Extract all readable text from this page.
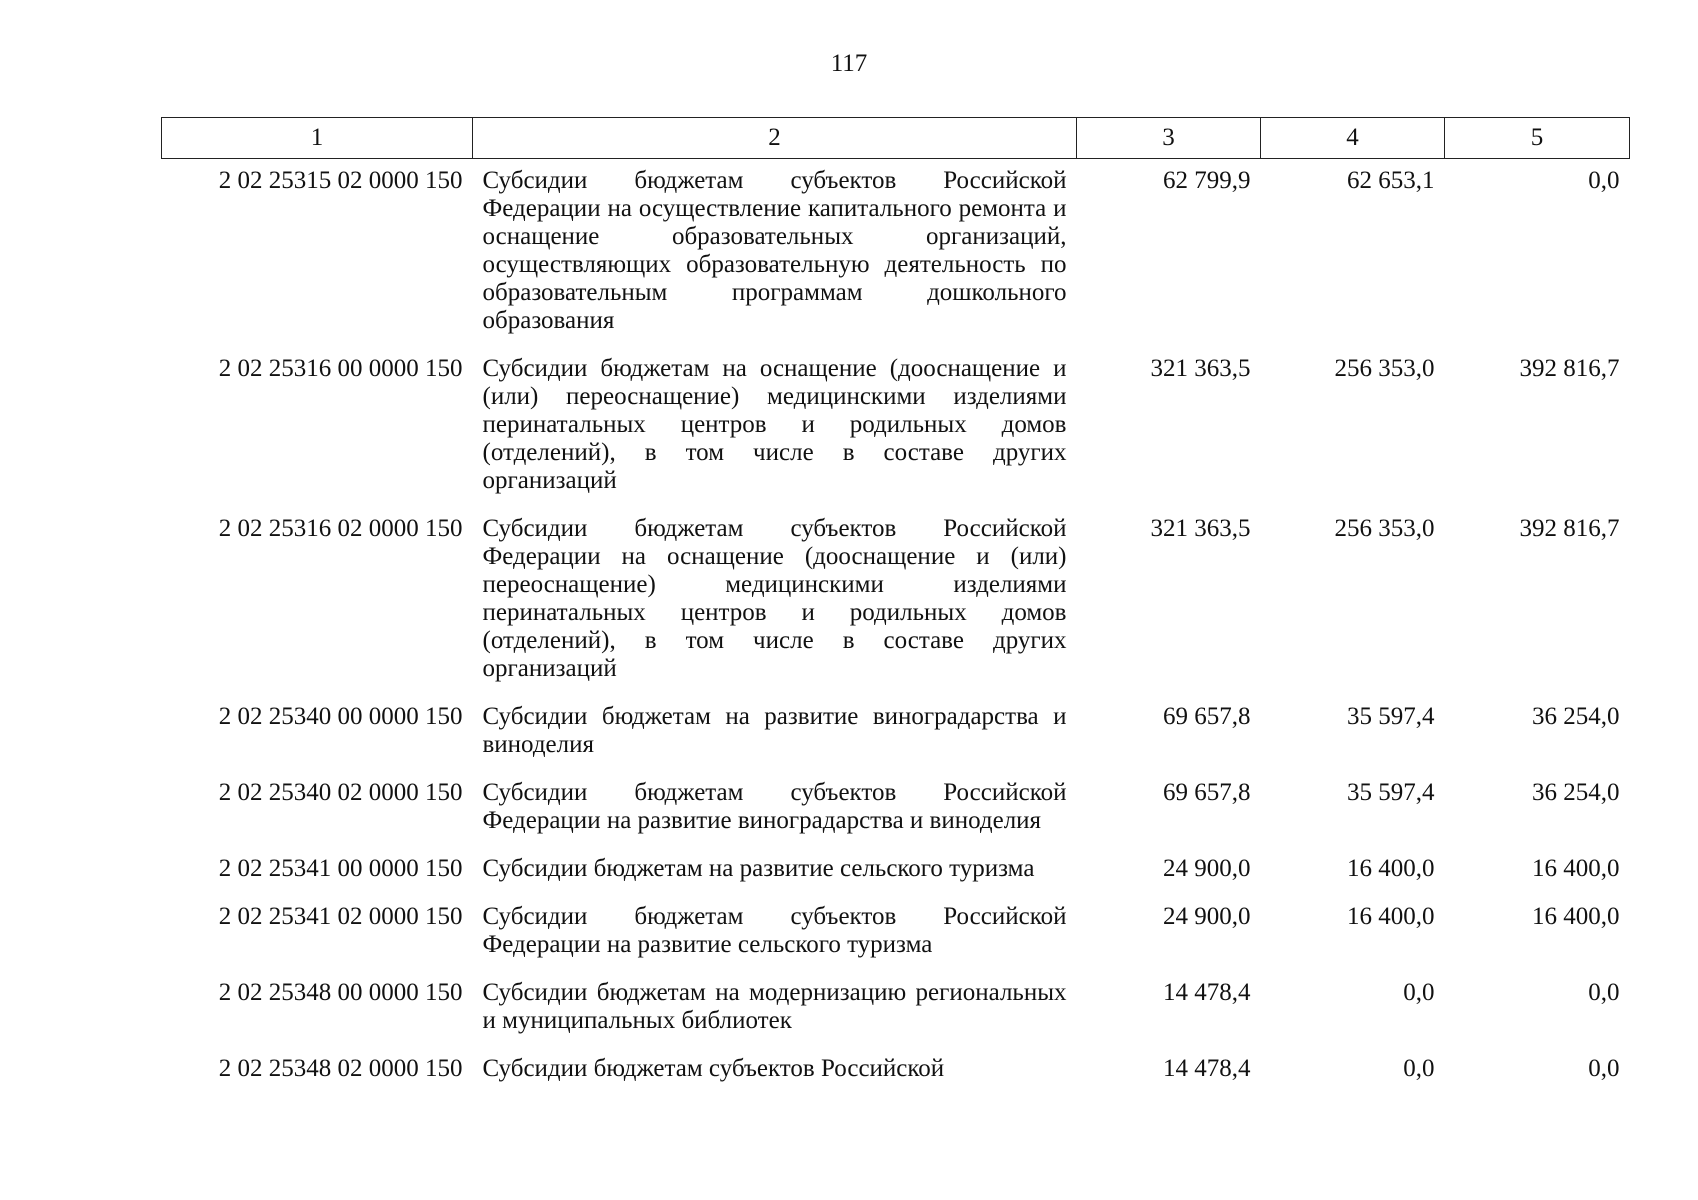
117
1	2	3	4	5
2 02 25315 02 0000 150	Субсидии бюджетам субъектов Российской Федерации на осуществление капитального ремонта и оснащение образовательных организаций, осуществляющих образовательную деятельность по образовательным программам дошкольного образования	62 799,9	62 653,1	0,0
2 02 25316 00 0000 150	Субсидии бюджетам на оснащение (дооснащение и (или) переоснащение) медицинскими изделиями перинатальных центров и родильных домов (отделений), в том числе в составе других организаций	321 363,5	256 353,0	392 816,7
2 02 25316 02 0000 150	Субсидии бюджетам субъектов Российской Федерации на оснащение (дооснащение и (или) переоснащение) медицинскими изделиями перинатальных центров и родильных домов (отделений), в том числе в составе других организаций	321 363,5	256 353,0	392 816,7
2 02 25340 00 0000 150	Субсидии бюджетам на развитие виноградарства и виноделия	69 657,8	35 597,4	36 254,0
2 02 25340 02 0000 150	Субсидии бюджетам субъектов Российской Федерации на развитие виноградарства и виноделия	69 657,8	35 597,4	36 254,0
2 02 25341 00 0000 150	Субсидии бюджетам на развитие сельского туризма	24 900,0	16 400,0	16 400,0
2 02 25341 02 0000 150	Субсидии бюджетам субъектов Российской Федерации на развитие сельского туризма	24 900,0	16 400,0	16 400,0
2 02 25348 00 0000 150	Субсидии бюджетам на модернизацию региональных и муниципальных библиотек	14 478,4	0,0	0,0
2 02 25348 02 0000 150	Субсидии бюджетам субъектов Российской	14 478,4	0,0	0,0
